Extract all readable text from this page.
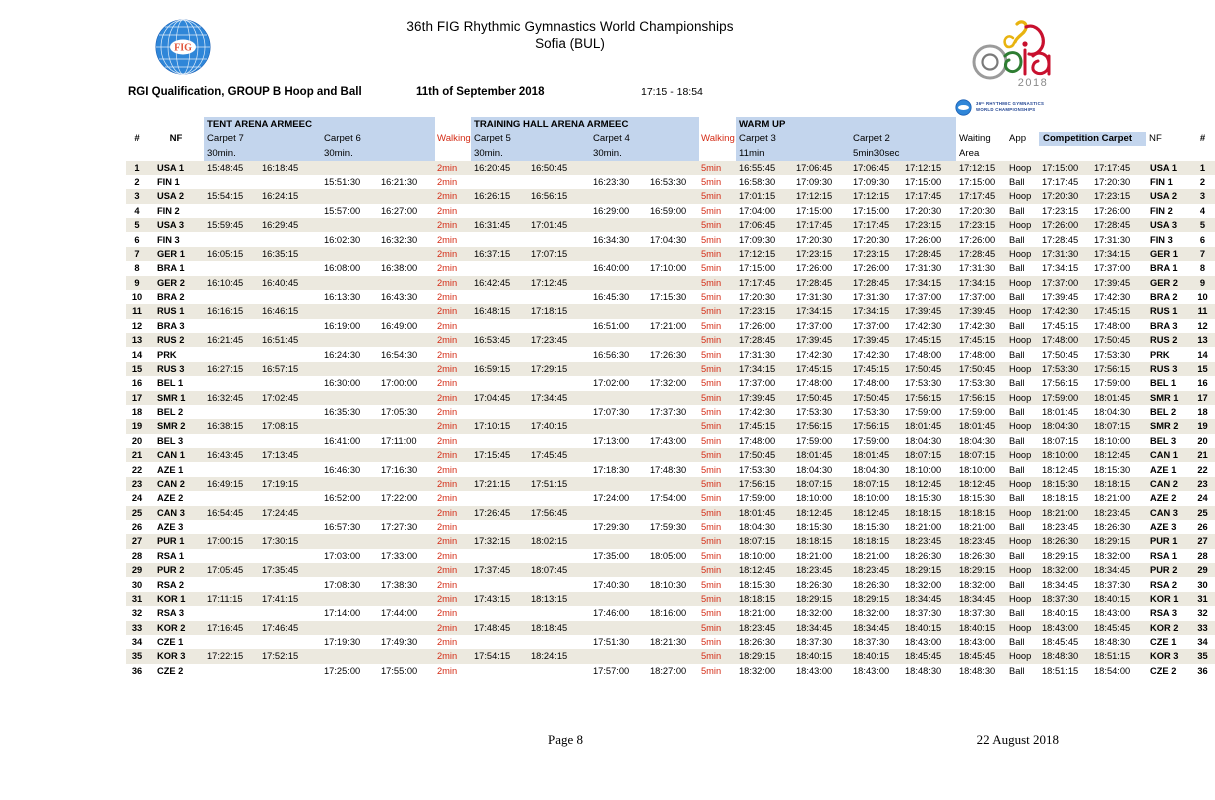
FIG
36th FIG Rhythmic Gymnastics World Championships
Sofia (BUL)
2018
36ᵗʰ RHYTHMIC GYMNASTICS
WORLD CHAMPIONSHIPS
RGI Qualification, GROUP B Hoop and Ball	11th of September 2018	17:15 - 18:54
		TENT ARENA ARMEEC					TRAINING HALL ARENA ARMEEC					WARM UP									
#	NF	Carpet 7		Carpet 6		Walking	Carpet 5		Carpet 4		Walking	Carpet 3		Carpet 2		Waiting	App	Competition Carpet		NF	#
		30min.		30min.			30min.		30min.			11min		5min30sec		Area					
1	USA 1	15:48:45	16:18:45			2min	16:20:45	16:50:45			5min	16:55:45	17:06:45	17:06:45	17:12:15	17:12:15	Hoop	17:15:00	17:17:45	USA 1	1
2	FIN 1			15:51:30	16:21:30	2min			16:23:30	16:53:30	5min	16:58:30	17:09:30	17:09:30	17:15:00	17:15:00	Ball	17:17:45	17:20:30	FIN 1	2
3	USA 2	15:54:15	16:24:15			2min	16:26:15	16:56:15			5min	17:01:15	17:12:15	17:12:15	17:17:45	17:17:45	Hoop	17:20:30	17:23:15	USA 2	3
4	FIN 2			15:57:00	16:27:00	2min			16:29:00	16:59:00	5min	17:04:00	17:15:00	17:15:00	17:20:30	17:20:30	Ball	17:23:15	17:26:00	FIN 2	4
5	USA 3	15:59:45	16:29:45			2min	16:31:45	17:01:45			5min	17:06:45	17:17:45	17:17:45	17:23:15	17:23:15	Hoop	17:26:00	17:28:45	USA 3	5
6	FIN 3			16:02:30	16:32:30	2min			16:34:30	17:04:30	5min	17:09:30	17:20:30	17:20:30	17:26:00	17:26:00	Ball	17:28:45	17:31:30	FIN 3	6
7	GER 1	16:05:15	16:35:15			2min	16:37:15	17:07:15			5min	17:12:15	17:23:15	17:23:15	17:28:45	17:28:45	Hoop	17:31:30	17:34:15	GER 1	7
8	BRA 1			16:08:00	16:38:00	2min			16:40:00	17:10:00	5min	17:15:00	17:26:00	17:26:00	17:31:30	17:31:30	Ball	17:34:15	17:37:00	BRA 1	8
9	GER 2	16:10:45	16:40:45			2min	16:42:45	17:12:45			5min	17:17:45	17:28:45	17:28:45	17:34:15	17:34:15	Hoop	17:37:00	17:39:45	GER 2	9
10	BRA 2			16:13:30	16:43:30	2min			16:45:30	17:15:30	5min	17:20:30	17:31:30	17:31:30	17:37:00	17:37:00	Ball	17:39:45	17:42:30	BRA 2	10
11	RUS 1	16:16:15	16:46:15			2min	16:48:15	17:18:15			5min	17:23:15	17:34:15	17:34:15	17:39:45	17:39:45	Hoop	17:42:30	17:45:15	RUS 1	11
12	BRA 3			16:19:00	16:49:00	2min			16:51:00	17:21:00	5min	17:26:00	17:37:00	17:37:00	17:42:30	17:42:30	Ball	17:45:15	17:48:00	BRA 3	12
13	RUS 2	16:21:45	16:51:45			2min	16:53:45	17:23:45			5min	17:28:45	17:39:45	17:39:45	17:45:15	17:45:15	Hoop	17:48:00	17:50:45	RUS 2	13
14	PRK			16:24:30	16:54:30	2min			16:56:30	17:26:30	5min	17:31:30	17:42:30	17:42:30	17:48:00	17:48:00	Ball	17:50:45	17:53:30	PRK	14
15	RUS 3	16:27:15	16:57:15			2min	16:59:15	17:29:15			5min	17:34:15	17:45:15	17:45:15	17:50:45	17:50:45	Hoop	17:53:30	17:56:15	RUS 3	15
16	BEL 1			16:30:00	17:00:00	2min			17:02:00	17:32:00	5min	17:37:00	17:48:00	17:48:00	17:53:30	17:53:30	Ball	17:56:15	17:59:00	BEL 1	16
17	SMR 1	16:32:45	17:02:45			2min	17:04:45	17:34:45			5min	17:39:45	17:50:45	17:50:45	17:56:15	17:56:15	Hoop	17:59:00	18:01:45	SMR 1	17
18	BEL 2			16:35:30	17:05:30	2min			17:07:30	17:37:30	5min	17:42:30	17:53:30	17:53:30	17:59:00	17:59:00	Ball	18:01:45	18:04:30	BEL 2	18
19	SMR 2	16:38:15	17:08:15			2min	17:10:15	17:40:15			5min	17:45:15	17:56:15	17:56:15	18:01:45	18:01:45	Hoop	18:04:30	18:07:15	SMR 2	19
20	BEL 3			16:41:00	17:11:00	2min			17:13:00	17:43:00	5min	17:48:00	17:59:00	17:59:00	18:04:30	18:04:30	Ball	18:07:15	18:10:00	BEL 3	20
21	CAN 1	16:43:45	17:13:45			2min	17:15:45	17:45:45			5min	17:50:45	18:01:45	18:01:45	18:07:15	18:07:15	Hoop	18:10:00	18:12:45	CAN 1	21
22	AZE 1			16:46:30	17:16:30	2min			17:18:30	17:48:30	5min	17:53:30	18:04:30	18:04:30	18:10:00	18:10:00	Ball	18:12:45	18:15:30	AZE 1	22
23	CAN 2	16:49:15	17:19:15			2min	17:21:15	17:51:15			5min	17:56:15	18:07:15	18:07:15	18:12:45	18:12:45	Hoop	18:15:30	18:18:15	CAN 2	23
24	AZE 2			16:52:00	17:22:00	2min			17:24:00	17:54:00	5min	17:59:00	18:10:00	18:10:00	18:15:30	18:15:30	Ball	18:18:15	18:21:00	AZE 2	24
25	CAN 3	16:54:45	17:24:45			2min	17:26:45	17:56:45			5min	18:01:45	18:12:45	18:12:45	18:18:15	18:18:15	Hoop	18:21:00	18:23:45	CAN 3	25
26	AZE 3			16:57:30	17:27:30	2min			17:29:30	17:59:30	5min	18:04:30	18:15:30	18:15:30	18:21:00	18:21:00	Ball	18:23:45	18:26:30	AZE 3	26
27	PUR 1	17:00:15	17:30:15			2min	17:32:15	18:02:15			5min	18:07:15	18:18:15	18:18:15	18:23:45	18:23:45	Hoop	18:26:30	18:29:15	PUR 1	27
28	RSA 1			17:03:00	17:33:00	2min			17:35:00	18:05:00	5min	18:10:00	18:21:00	18:21:00	18:26:30	18:26:30	Ball	18:29:15	18:32:00	RSA 1	28
29	PUR 2	17:05:45	17:35:45			2min	17:37:45	18:07:45			5min	18:12:45	18:23:45	18:23:45	18:29:15	18:29:15	Hoop	18:32:00	18:34:45	PUR 2	29
30	RSA 2			17:08:30	17:38:30	2min			17:40:30	18:10:30	5min	18:15:30	18:26:30	18:26:30	18:32:00	18:32:00	Ball	18:34:45	18:37:30	RSA 2	30
31	KOR 1	17:11:15	17:41:15			2min	17:43:15	18:13:15			5min	18:18:15	18:29:15	18:29:15	18:34:45	18:34:45	Hoop	18:37:30	18:40:15	KOR 1	31
32	RSA 3			17:14:00	17:44:00	2min			17:46:00	18:16:00	5min	18:21:00	18:32:00	18:32:00	18:37:30	18:37:30	Ball	18:40:15	18:43:00	RSA 3	32
33	KOR 2	17:16:45	17:46:45			2min	17:48:45	18:18:45			5min	18:23:45	18:34:45	18:34:45	18:40:15	18:40:15	Hoop	18:43:00	18:45:45	KOR 2	33
34	CZE 1			17:19:30	17:49:30	2min			17:51:30	18:21:30	5min	18:26:30	18:37:30	18:37:30	18:43:00	18:43:00	Ball	18:45:45	18:48:30	CZE 1	34
35	KOR 3	17:22:15	17:52:15			2min	17:54:15	18:24:15			5min	18:29:15	18:40:15	18:40:15	18:45:45	18:45:45	Hoop	18:48:30	18:51:15	KOR 3	35
36	CZE 2			17:25:00	17:55:00	2min			17:57:00	18:27:00	5min	18:32:00	18:43:00	18:43:00	18:48:30	18:48:30	Ball	18:51:15	18:54:00	CZE 2	36
Page 8	22 August 2018
